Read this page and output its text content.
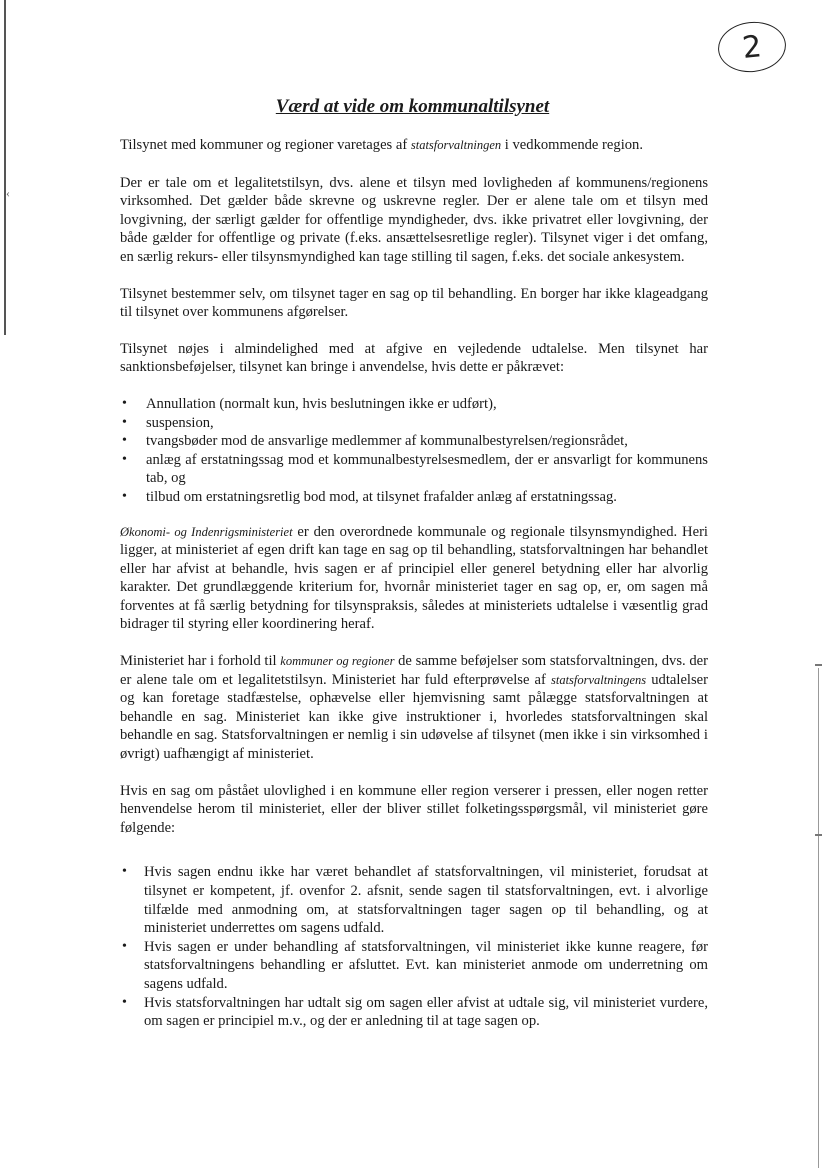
‹
2
Værd at vide om kommunaltilsynet

Tilsynet med kommuner og regioner varetages af statsforvaltningen i vedkommende region.

Der er tale om et legalitetstilsyn, dvs. alene et tilsyn med lovligheden af kommunens/regionens virksomhed. Det gælder både skrevne og uskrevne regler. Der er alene tale om et tilsyn med lovgivning, der særligt gælder for offentlige myndigheder, dvs. ikke privatret eller lovgivning, der både gælder for offentlige og private (f.eks. ansættelsesretlige regler). Tilsynet viger i det omfang, en særlig rekurs- eller tilsynsmyndighed kan tage stilling til sagen, f.eks. det sociale ankesystem.

Tilsynet bestemmer selv, om tilsynet tager en sag op til behandling. En borger har ikke klageadgang til tilsynet over kommunens afgørelser.

Tilsynet nøjes i almindelighed med at afgive en vejledende udtalelse. Men tilsynet har sanktionsbeføjelser, tilsynet kan bringe i anvendelse, hvis dette er påkrævet:

• Annullation (normalt kun, hvis beslutningen ikke er udført),
• suspension,
• tvangsbøder mod de ansvarlige medlemmer af kommunalbestyrelsen/regionsrådet,
• anlæg af erstatningssag mod et kommunalbestyrelsesmedlem, der er ansvarligt for kommunens tab, og
• tilbud om erstatningsretlig bod mod, at tilsynet frafalder anlæg af erstatningssag.

Økonomi- og Indenrigsministeriet er den overordnede kommunale og regionale tilsynsmyndighed. Heri ligger, at ministeriet af egen drift kan tage en sag op til behandling, statsforvaltningen har behandlet eller har afvist at behandle, hvis sagen er af principiel eller generel betydning eller har alvorlig karakter. Det grundlæggende kriterium for, hvornår ministeriet tager en sag op, er, om sagen må forventes at få særlig betydning for tilsynspraksis, således at ministeriets udtalelse i væsentlig grad bidrager til styring eller koordinering heraf.

Ministeriet har i forhold til kommuner og regioner de samme beføjelser som statsforvaltningen, dvs. der er alene tale om et legalitetstilsyn. Ministeriet har fuld efterprøvelse af statsforvaltningens udtalelser og kan foretage stadfæstelse, ophævelse eller hjemvisning samt pålægge statsforvaltningen at behandle en sag. Ministeriet kan ikke give instruktioner i, hvorledes statsforvaltningen skal behandle en sag. Statsforvaltningen er nemlig i sin udøvelse af tilsynet (men ikke i sin virksomhed i øvrigt) uafhængigt af ministeriet.

Hvis en sag om påstået ulovlighed i en kommune eller region verserer i pressen, eller nogen retter henvendelse herom til ministeriet, eller der bliver stillet folketingsspørgsmål, vil ministeriet gøre følgende:

• Hvis sagen endnu ikke har været behandlet af statsforvaltningen, vil ministeriet, forudsat at tilsynet er kompetent, jf. ovenfor 2. afsnit, sende sagen til statsforvaltningen, evt. i alvorlige tilfælde med anmodning om, at statsforvaltningen tager sagen op til behandling, og at ministeriet underrettes om sagens udfald.
• Hvis sagen er under behandling af statsforvaltningen, vil ministeriet ikke kunne reagere, før statsforvaltningens behandling er afsluttet. Evt. kan ministeriet anmode om underretning om sagens udfald.
• Hvis statsforvaltningen har udtalt sig om sagen eller afvist at udtale sig, vil ministeriet vurdere, om sagen er principiel m.v., og der er anledning til at tage sagen op.
